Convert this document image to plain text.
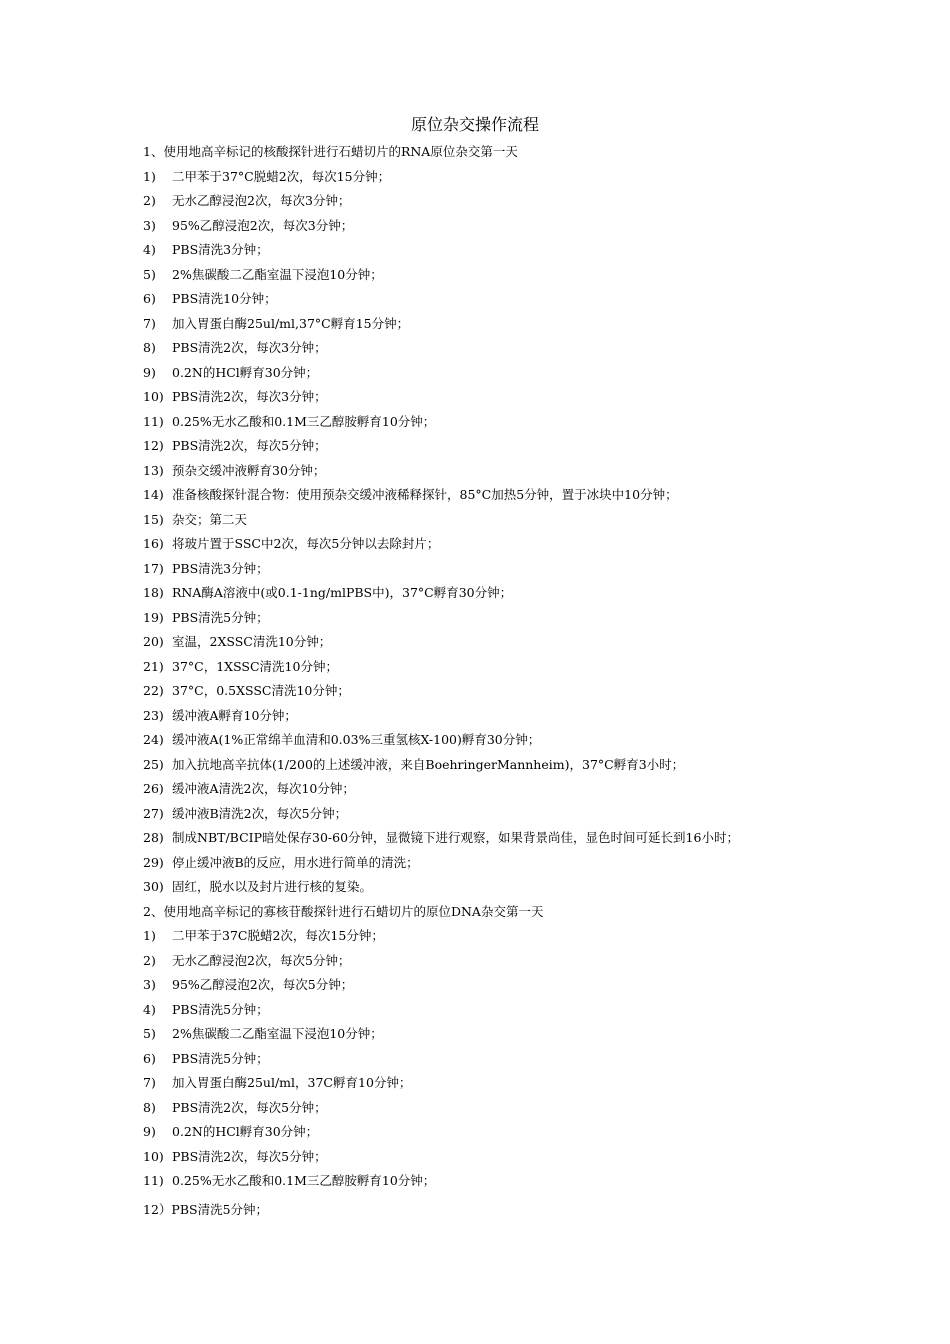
原位杂交操作流程
1、使用地高辛标记的核酸探针进行石蜡切片的RNA原位杂交第一天
1) 二甲苯于37°C脱蜡2次，每次15分钟；
2) 无水乙醇浸泡2次，每次3分钟；
3) 95%乙醇浸泡2次，每次3分钟；
4) PBS清洗3分钟；
5) 2%焦碳酸二乙酯室温下浸泡10分钟；
6) PBS清洗10分钟；
7) 加入胃蛋白酶25ul/ml,37°C孵育15分钟；
8) PBS清洗2次，每次3分钟；
9) 0.2N的HCl孵育30分钟；
10) PBS清洗2次，每次3分钟；
11) 0.25%无水乙酸和0.1M三乙醇胺孵育10分钟；
12) PBS清洗2次，每次5分钟；
13) 预杂交缓冲液孵育30分钟；
14) 准备核酸探针混合物：使用预杂交缓冲液稀释探针，85°C加热5分钟，置于冰块中10分钟；
15) 杂交；第二天
16) 将玻片置于SSC中2次，每次5分钟以去除封片；
17) PBS清洗3分钟；
18) RNA酶A溶液中(或0.1-1ng/mlPBS中)，37°C孵育30分钟；
19) PBS清洗5分钟；
20) 室温，2XSSC清洗10分钟；
21) 37°C，1XSSC清洗10分钟；
22) 37°C，0.5XSSC清洗10分钟；
23) 缓冲液A孵育10分钟；
24) 缓冲液A(1%正常绵羊血清和0.03%三重氢核X-100)孵育30分钟；
25) 加入抗地高辛抗体(1/200的上述缓冲液，来自BoehringerMannheim)，37°C孵育3小时；
26) 缓冲液A清洗2次，每次10分钟；
27) 缓冲液B清洗2次，每次5分钟；
28) 制成NBT/BCIP暗处保存30-60分钟，显微镜下进行观察，如果背景尚佳，显色时间可延长到16小时；
29) 停止缓冲液B的反应，用水进行简单的清洗；
30) 固红，脱水以及封片进行核的复染。
2、使用地高辛标记的寡核苷酸探针进行石蜡切片的原位DNA杂交第一天
1) 二甲苯于37C脱蜡2次，每次15分钟；
2) 无水乙醇浸泡2次，每次5分钟；
3) 95%乙醇浸泡2次，每次5分钟；
4) PBS清洗5分钟；
5) 2%焦碳酸二乙酯室温下浸泡10分钟；
6) PBS清洗5分钟；
7) 加入胃蛋白酶25ul/ml，37C孵育10分钟；
8) PBS清洗2次，每次5分钟；
9) 0.2N的HCl孵育30分钟；
10) PBS清洗2次，每次5分钟；
11) 0.25%无水乙酸和0.1M三乙醇胺孵育10分钟；
12）PBS清洗5分钟；
